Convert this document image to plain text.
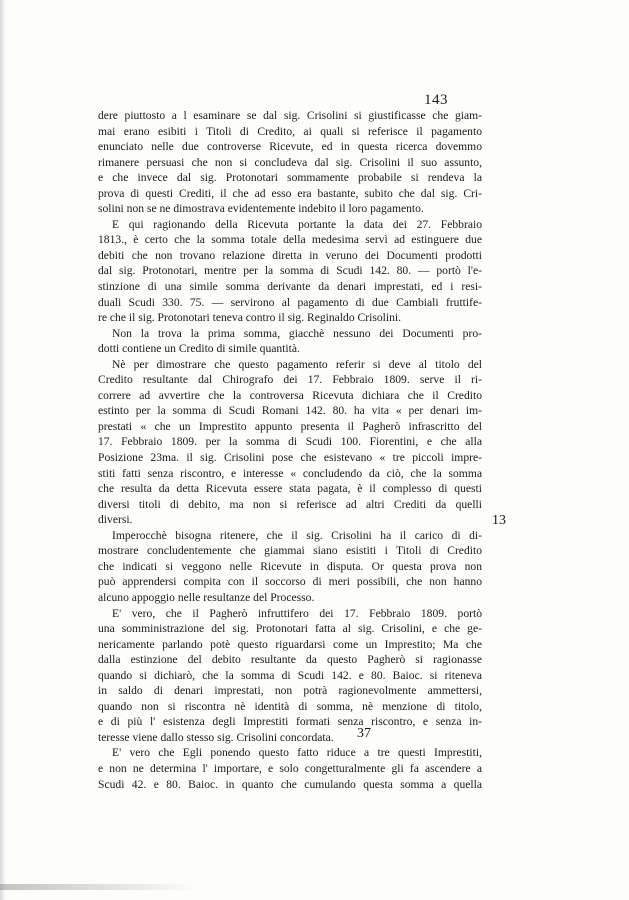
143
dere piuttosto a l esaminare se dal sig. Crisolini si giustificasse che giam-
mai erano esibiti i Titoli di Credito, ai quali si referisce il pagamento
enunciato nelle due controverse Ricevute, ed in questa ricerca dovemmo
rimanere persuasi che non si concludeva dal sig. Crisolini il suo assunto,
e che invece dal sig. Protonotari sommamente probabile si rendeva la
prova di questi Crediti, il che ad esso era bastante, subito che dal sig. Cri-
solini non se ne dimostrava evidentemente indebito il loro pagamento.
E qui ragionando della Ricevuta portante la data dei 27. Febbraio
1813., è certo che la somma totale della medesima servì ad estinguere due
debiti che non trovano relazione diretta in veruno dei Documenti prodotti
dal sig. Protonotari, mentre per la somma di Scudi 142. 80. — portò l'e-
stinzione di una simile somma derivante da denari imprestati, ed i resi-
duali Scudi 330. 75. — servirono al pagamento di due Cambiali fruttife-
re che il sig. Protonotari teneva contro il sig. Reginaldo Crisolini.
Non la trova la prima somma, giacchè nessuno dei Documenti pro-
dotti contiene un Credito di simile quantità.
Nè per dimostrare che questo pagamento referir si deve al titolo del
Credito resultante dal Chirografo dei 17. Febbraio 1809. serve il ri-
correre ad avvertire che la controversa Ricevuta dichiara che il Credito
estinto per la somma di Scudi Romani 142. 80. ha vita « per denari im-
prestati « che un Imprestito appunto presenta il Pagherò infrascritto del
17. Febbraio 1809. per la somma di Scudi 100. Fiorentini, e che alla
Posizione 23ma. il sig. Crisolini pose che esistevano « tre piccoli impre-
stiti fatti senza riscontro, e interesse « concludendo da ciò, che la somma
che resulta da detta Ricevuta essere stata pagata, è il complesso di questi
diversi titoli di debito, ma non si referisce ad altri Crediti da quelli
diversi.
Imperocchè bisogna ritenere, che il sig. Crisolini ha il carico di di-
mostrare concludentemente che giammai siano esistiti i Titoli di Credito
che indicati si veggono nelle Ricevute in disputa. Or questa prova non
può apprendersi compita con il soccorso di meri possibili, che non hanno
alcuno appoggio nelle resultanze del Processo.
E' vero, che il Pagherò infruttifero dei 17. Febbraio 1809. portò
una somministrazione del sig. Protonotari fatta al sig. Crisolini, e che ge-
nericamente parlando potè questo riguardarsi come un Imprestito; Ma che
dalla estinzione del debito resultante da questo Pagherò si ragionasse
quando si dichiarò, che la somma di Scudi 142. e 80. Baioc. si riteneva
in saldo di denari imprestati, non potrà ragionevolmente ammettersi,
quando non si riscontra nè identità di somma, nè menzione di titolo,
e di più l' esistenza degli Imprestiti formati senza riscontro, e senza in-
teresse viene dallo stesso sig. Crisolini concordata.
E' vero che Egli ponendo questo fatto riduce a tre questi Imprestiti,
e non ne determina l' importare, e solo congetturalmente gli fa ascendere a
Scudi 42. e 80. Baioc. in quanto che cumulando questa somma a quella
13
37
